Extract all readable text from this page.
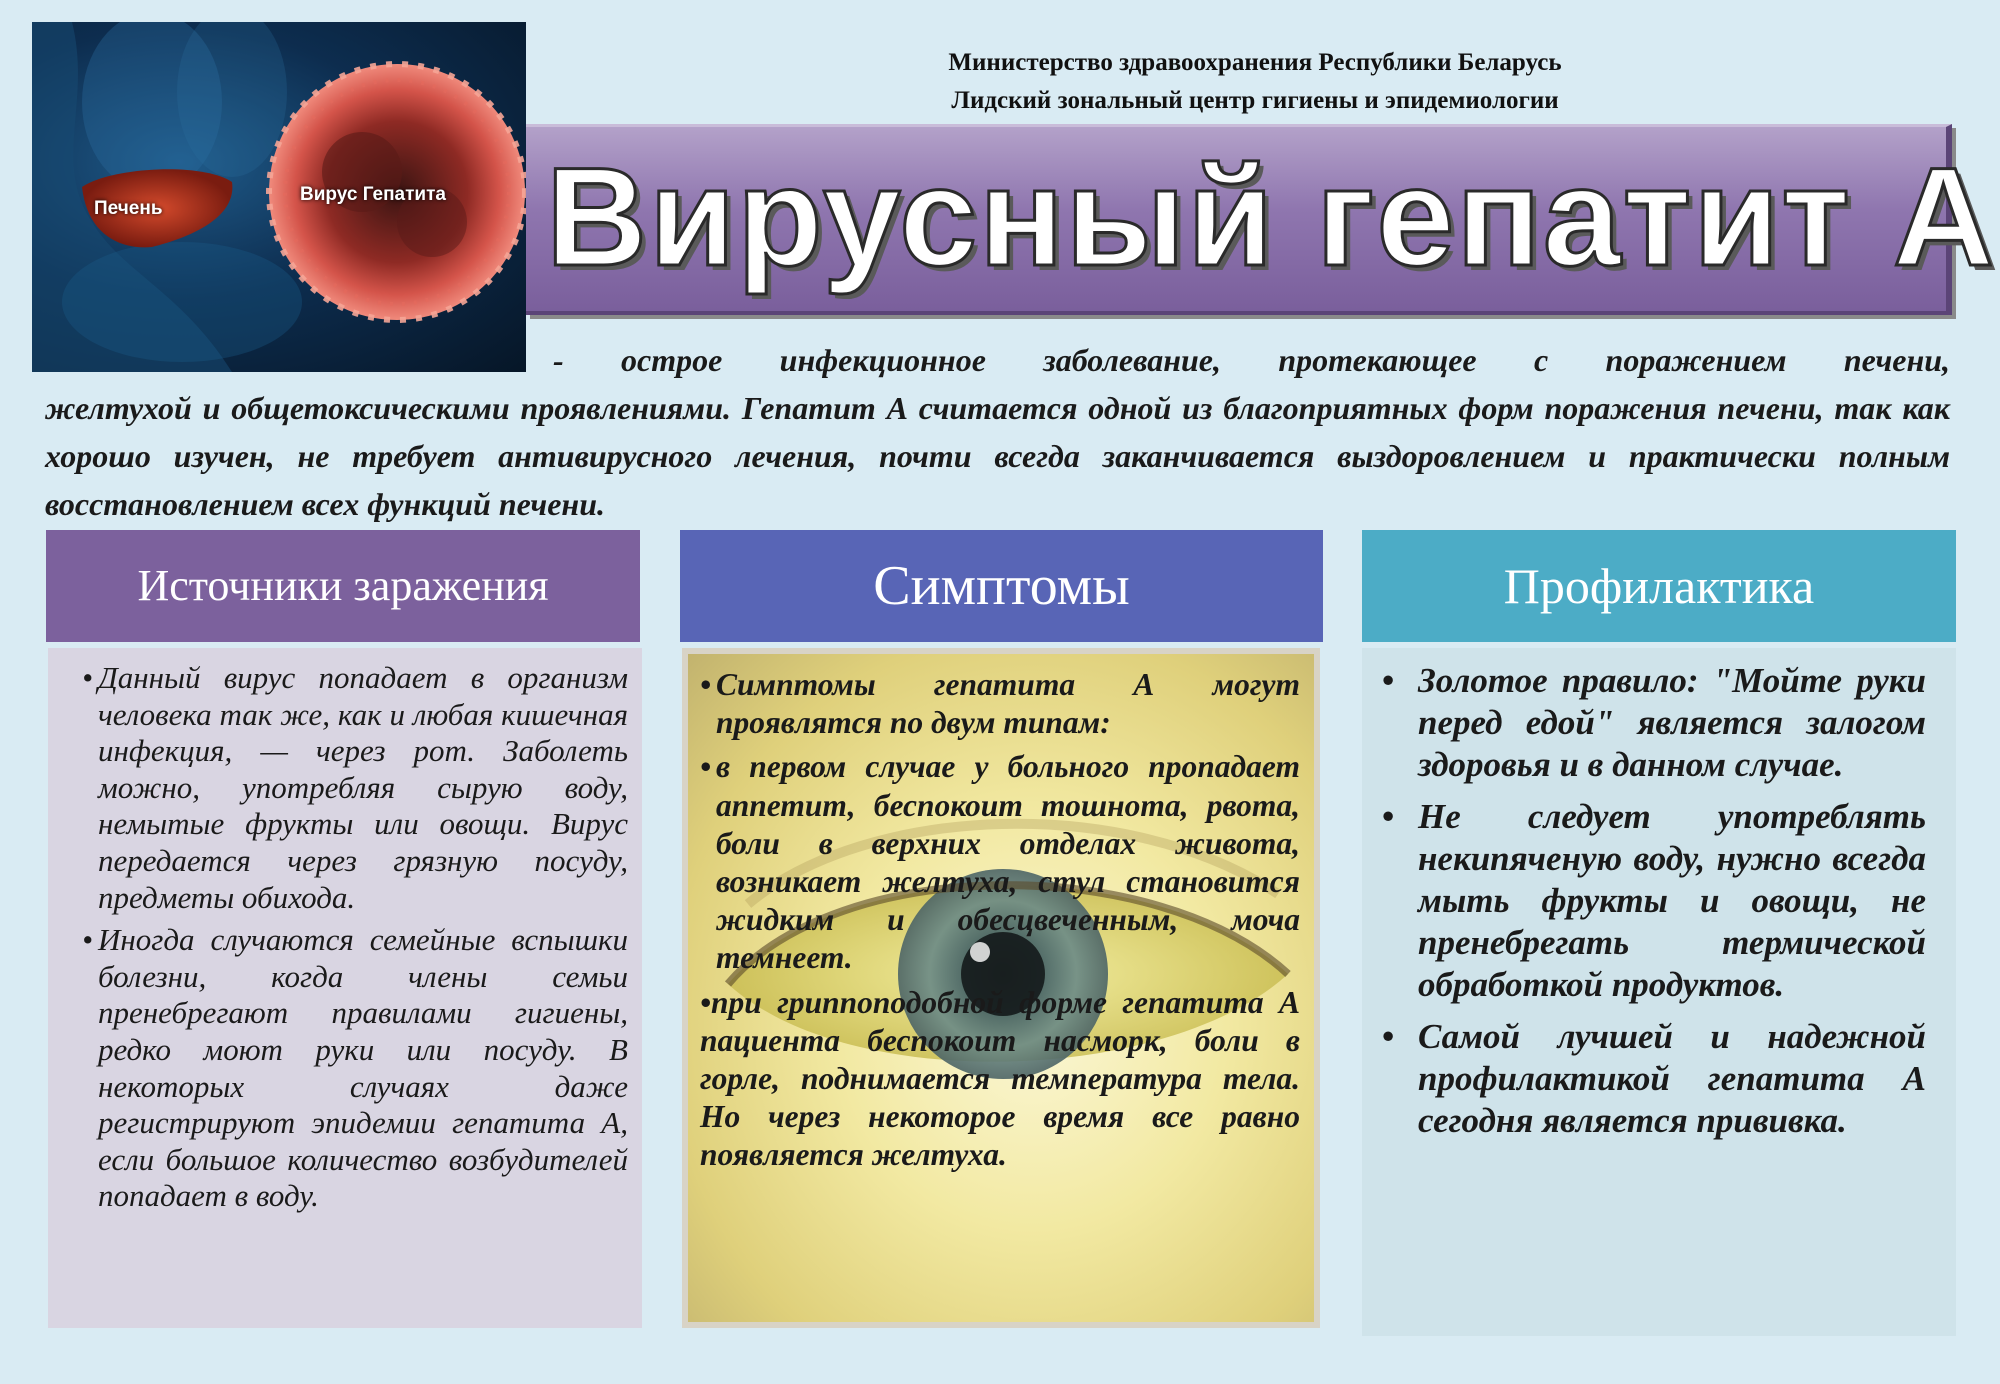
Печень
Вирус Гепатита
Министерство здравоохранения Республики Беларусь
Лидский зональный центр гигиены и эпидемиологии
Вирусный гепатит А
- острое инфекционное заболевание, протекающее с поражением печени,
желтухой и общетоксическими проявлениями. Гепатит А считается одной из благоприятных форм поражения печени, так как хорошо изучен, не требует антивирусного лечения, почти всегда заканчивается выздоровлением и практически полным восстановлением всех функций печени.
Источники заражения	Симптомы	Профилактика
• Данный вирус попадает в организм человека так же, как и любая кишечная инфекция, — через рот. Заболеть можно, употребляя сырую воду, немытые фрукты или овощи. Вирус передается через грязную посуду, предметы обихода.
• Иногда случаются семейные вспышки болезни, когда члены семьи пренебрегают правилами гигиены, редко моют руки или посуду. В некоторых случаях даже регистрируют эпидемии гепатита А, если большое количество возбудителей попадает в воду.
• Симптомы гепатита А могут проявлятся по двум типам:
• в первом случае у больного пропадает аппетит, беспокоит тошнота, рвота, боли в верхних отделах живота, возникает желтуха, стул становится жидким и обесцвеченным, моча темнеет.
•при гриппоподобной форме гепатита А пациента беспокоит насморк, боли в горле, поднимается температура тела. Но через некоторое время все равно появляется желтуха.
• Золотое правило: "Мойте руки перед едой" является залогом здоровья и в данном случае.
• Не следует употреблять некипяченую воду, нужно всегда мыть фрукты и овощи, не пренебрегать термической обработкой продуктов.
• Самой лучшей и надежной профилактикой гепатита А сегодня является прививка.
